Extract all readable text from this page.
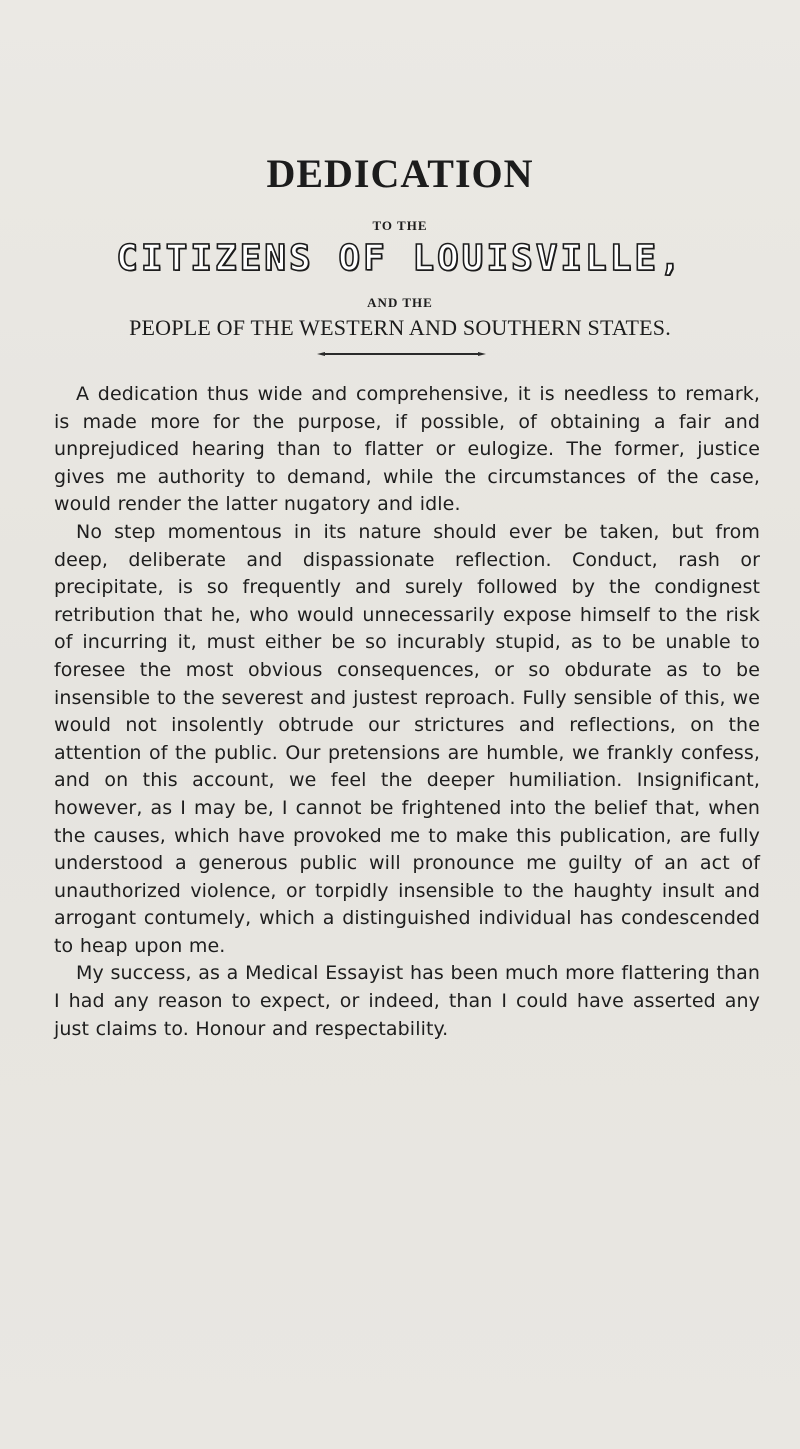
DEDICATION
TO THE
CITIZENS OF LOUISVILLE,
AND THE
PEOPLE OF THE WESTERN AND SOUTHERN STATES.

A dedication thus wide and comprehensive, it is needless to remark, is made more for the purpose, if possible, of obtaining a fair and unprejudiced hearing than to flatter or eulogize. The former, justice gives me authority to demand, while the circumstances of the case, would render the latter nugatory and idle.

No step momentous in its nature should ever be taken, but from deep, deliberate and dispassionate reflection. Conduct, rash or precipitate, is so frequently and surely followed by the condignest retribution that he, who would unnecessarily expose himself to the risk of incurring it, must either be so incurably stupid, as to be unable to foresee the most obvious consequences, or so obdurate as to be insensible to the severest and justest reproach. Fully sensible of this, we would not insolently obtrude our strictures and reflections, on the attention of the public. Our pretensions are humble, we frankly confess, and on this account, we feel the deeper humiliation. Insignificant, however, as I may be, I cannot be frightened into the belief that, when the causes, which have provoked me to make this publication, are fully understood a generous public will pronounce me guilty of an act of unauthorized violence, or torpidly insensible to the haughty insult and arrogant contumely, which a distinguished individual has condescended to heap upon me.

My success, as a Medical Essayist has been much more flattering than I had any reason to expect, or indeed, than I could have asserted any just claims to. Honour and respectability.
